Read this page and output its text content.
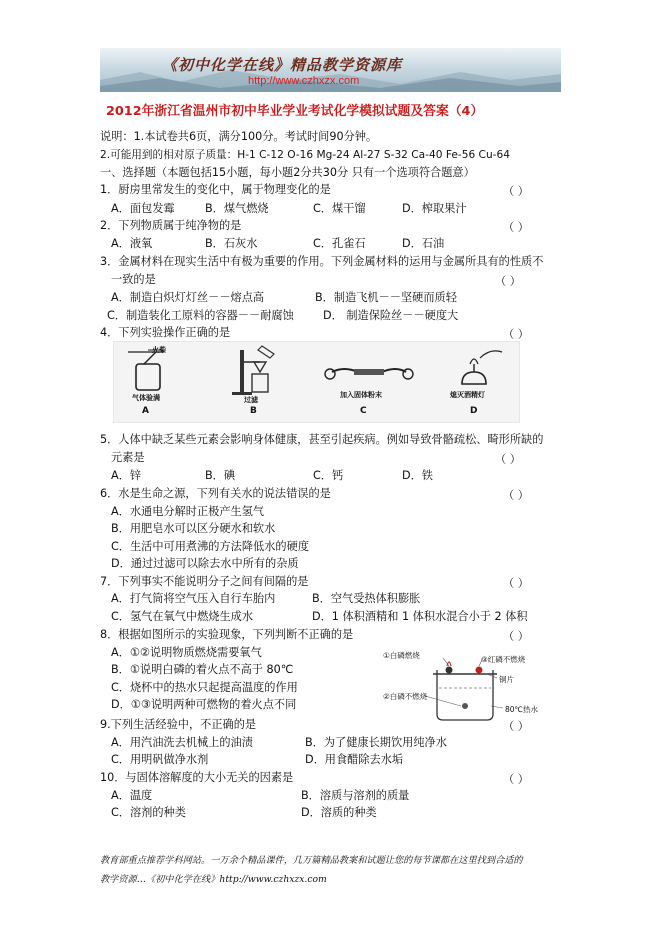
《初中化学在线》精品教学资源库
http://www.czhxzx.com
2012年浙江省温州市初中毕业学业考试化学模拟试题及答案（4）
说明：1.本试卷共6页，满分100分。考试时间90分钟。
2.可能用到的相对原子质量：H-1 C-12 O-16 Mg-24 Al-27 S-32 Ca-40 Fe-56 Cu-64
一、选择题（本题包括15小题，每小题2分共30分 只有一个选项符合题意）
1．厨房里常发生的变化中，属于物理变化的是	（ ）
A．面包发霉	B．煤气燃烧	C．煤干馏	D．榨取果汁
2．下列物质属于纯净物的是	（ ）
A．液氧	B．石灰水	C．孔雀石	D．石油
3．金属材料在现实生活中有极为重要的作用。下列金属材料的运用与金属所具有的性质不
一致的是	（ ）
A．制造白炽灯灯丝－－熔点高	B．制造飞机－－坚硬而质轻
C．制造装化工原料的容器－－耐腐蚀	D． 制造保险丝－－硬度大
4．下列实验操作正确的是	（ ）
气体验满
火柴
过滤
加入固体粉末	熄灭酒精灯
A	B	C	D
5．人体中缺乏某些元素会影响身体健康，甚至引起疾病。例如导致骨骼疏松、畸形所缺的
元素是	（ ）
A．锌	B．碘	C．钙	D．铁
6．水是生命之源，下列有关水的说法错误的是	（ ）
A．水通电分解时正极产生氢气
B．用肥皂水可以区分硬水和软水
C．生活中可用煮沸的方法降低水的硬度
D．通过过滤可以除去水中所有的杂质
7．下列事实不能说明分子之间有间隔的是	（ ）
A．打气筒将空气压入自行车胎内	B．空气受热体积膨胀
C．氢气在氧气中燃烧生成水	D．1 体积酒精和 1 体积水混合小于 2 体积
8．根据如图所示的实验现象，下列判断不正确的是	（ ）
A．①②说明物质燃烧需要氧气
B．①说明白磷的着火点不高于 80℃
C．烧杯中的热水只起提高温度的作用
D．①③说明两种可燃物的着火点不同
①白磷燃烧	③红磷不燃烧
铜片
②白磷不燃烧
80℃热水
9.下列生活经验中，不正确的是	（ ）
A．用汽油洗去机械上的油渍	B．为了健康长期饮用纯净水
C．用明矾做净水剂	D．用食醋除去水垢
10．与固体溶解度的大小无关的因素是	（ ）
A．温度	B．溶质与溶剂的质量
C．溶剂的种类	D．溶质的种类
教育部重点推荐学科网站。一万余个精品课件，几万篇精品教案和试题让您的每节课都在这里找到合适的
教学资源…《初中化学在线》http://www.czhxzx.com
